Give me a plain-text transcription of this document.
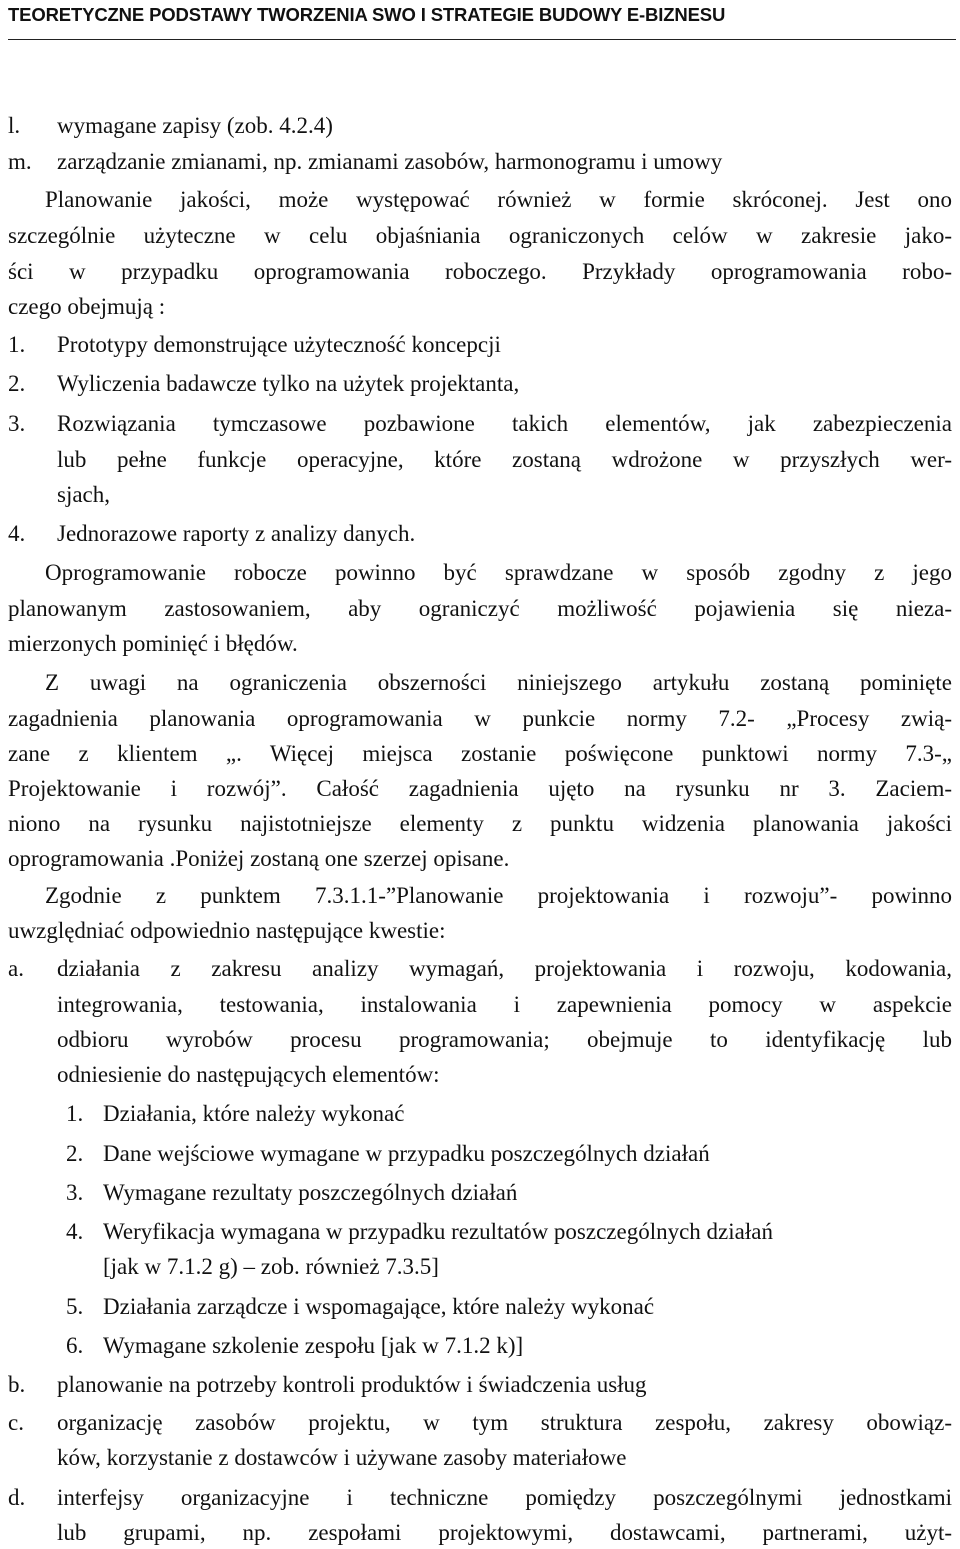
TEORETYCZNE PODSTAWY TWORZENIA SWO I STRATEGIE BUDOWY E-BIZNESU
l. wymagane zapisy (zob. 4.2.4)
m. zarządzanie zmianami, np. zmianami zasobów, harmonogramu i umowy
Planowanie jakości, może występować również w formie skróconej. Jest ono
szczególnie użyteczne w celu objaśniania ograniczonych celów w zakresie jako-
ści w przypadku oprogramowania roboczego. Przykłady oprogramowania robo-
czego obejmują :
1. Prototypy demonstrujące użyteczność koncepcji
2. Wyliczenia badawcze tylko na użytek projektanta,
3. Rozwiązania tymczasowe pozbawione takich elementów, jak zabezpieczenia
lub pełne funkcje operacyjne, które zostaną wdrożone w przyszłych wer-
sjach,
4. Jednorazowe raporty z analizy danych.
Oprogramowanie robocze powinno być sprawdzane w sposób zgodny z jego
planowanym zastosowaniem, aby ograniczyć możliwość pojawienia się nieza-
mierzonych pominięć i błędów.
Z uwagi na ograniczenia obszerności niniejszego artykułu zostaną pominięte
zagadnienia planowania oprogramowania w punkcie normy 7.2- „Procesy zwią-
zane z klientem „. Więcej miejsca zostanie poświęcone punktowi normy 7.3-„
Projektowanie i rozwój”. Całość zagadnienia ujęto na rysunku nr 3. Zaciem-
niono na rysunku najistotniejsze elementy z punktu widzenia planowania jakości
oprogramowania .Poniżej zostaną one szerzej opisane.
Zgodnie z punktem 7.3.1.1-”Planowanie projektowania i rozwoju”- powinno
uwzględniać odpowiednio następujące kwestie:
a. działania z zakresu analizy wymagań, projektowania i rozwoju, kodowania,
integrowania, testowania, instalowania i zapewnienia pomocy w aspekcie
odbioru wyrobów procesu programowania; obejmuje to identyfikację lub
odniesienie do następujących elementów:
1. Działania, które należy wykonać
2. Dane wejściowe wymagane w przypadku poszczególnych działań
3. Wymagane rezultaty poszczególnych działań
4. Weryfikacja wymagana w przypadku rezultatów poszczególnych działań
[jak w 7.1.2 g) – zob. również 7.3.5]
5. Działania zarządcze i wspomagające, które należy wykonać
6. Wymagane szkolenie zespołu [jak w 7.1.2 k)]
b. planowanie na potrzeby kontroli produktów i świadczenia usług
c. organizację zasobów projektu, w tym struktura zespołu, zakresy obowiąz-
ków, korzystanie z dostawców i używane zasoby materiałowe
d. interfejsy organizacyjne i techniczne pomiędzy poszczególnymi jednostkami
lub grupami, np. zespołami projektowymi, dostawcami, partnerami, użyt-
